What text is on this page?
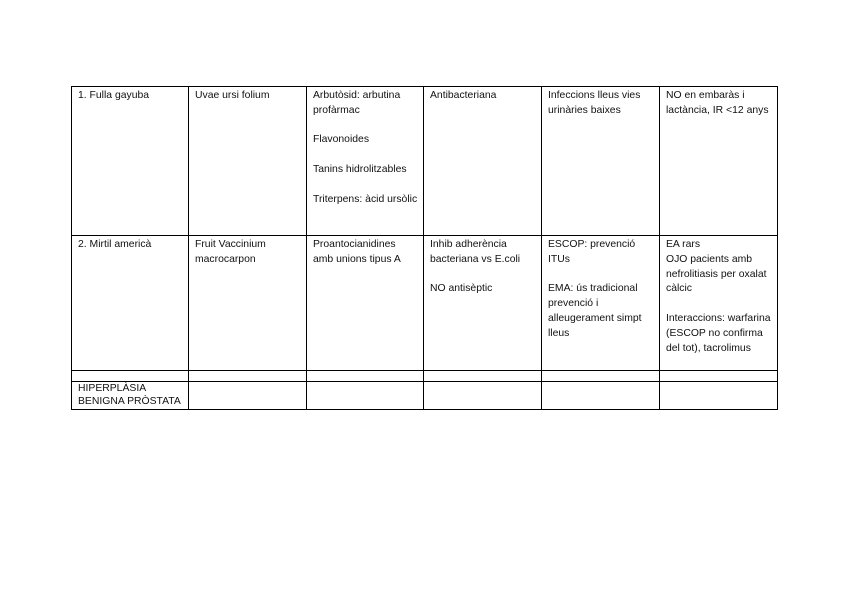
1. Fulla gayuba	Uvae ursi folium	Arbutòsid: arbutina profàrmac
Flavonoides
Tanins hidrolitzables
Triterpens: àcid ursòlic	Antibacteriana	Infeccions lleus vies urinàries baixes	NO en embaràs i lactància, IR <12 anys

2. Mirtil americà	Fruit Vaccinium macrocarpon	Proantocianidines amb unions tipus A	Inhib adherència bacteriana vs E.coli
NO antisèptic	ESCOP: prevenció ITUs
EMA: ús tradicional prevenció i alleugerament simpt lleus	EA rars
OJO pacients amb nefrolitiasis per oxalat càlcic
Interaccions: warfarina (ESCOP no confirma del tot), tacrolimus

HIPERPLÀSIA BENIGNA PRÒSTATA					
